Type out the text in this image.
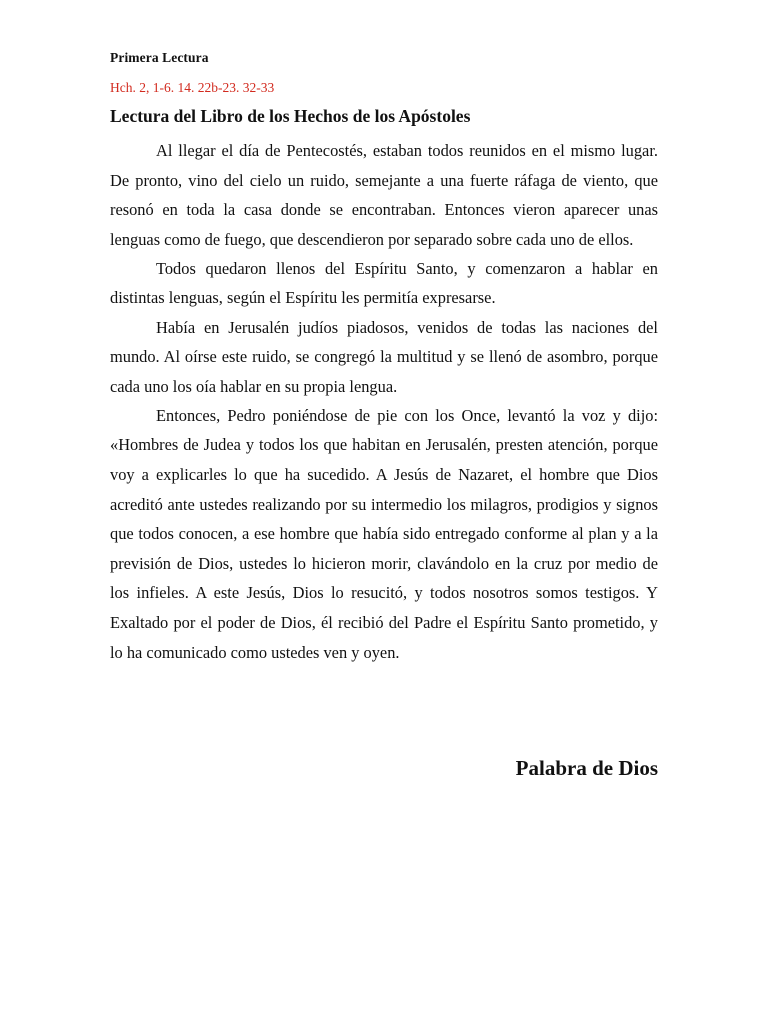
Primera Lectura
Hch. 2, 1-6. 14. 22b-23. 32-33
Lectura del Libro de los Hechos de los Apóstoles

Al llegar el día de Pentecostés, estaban todos reunidos en el mismo lugar. De pronto, vino del cielo un ruido, semejante a una fuerte ráfaga de viento, que resonó en toda la casa donde se encontraban. Entonces vieron aparecer unas lenguas como de fuego, que descendieron por separado sobre cada uno de ellos.

Todos quedaron llenos del Espíritu Santo, y comenzaron a hablar en distintas lenguas, según el Espíritu les permitía expresarse.

Había en Jerusalén judíos piadosos, venidos de todas las naciones del mundo. Al oírse este ruido, se congregó la multitud y se llenó de asombro, porque cada uno los oía hablar en su propia lengua.

Entonces, Pedro poniéndose de pie con los Once, levantó la voz y dijo: «Hombres de Judea y todos los que habitan en Jerusalén, presten atención, porque voy a explicarles lo que ha sucedido. A Jesús de Nazaret, el hombre que Dios acreditó ante ustedes realizando por su intermedio los milagros, prodigios y signos que todos conocen, a ese hombre que había sido entregado conforme al plan y a la previsión de Dios, ustedes lo hicieron morir, clavándolo en la cruz por medio de los infieles. A este Jesús, Dios lo resucitó, y todos nosotros somos testigos. Y Exaltado por el poder de Dios, él recibió del Padre el Espíritu Santo prometido, y lo ha comunicado como ustedes ven y oyen.

Palabra de Dios
